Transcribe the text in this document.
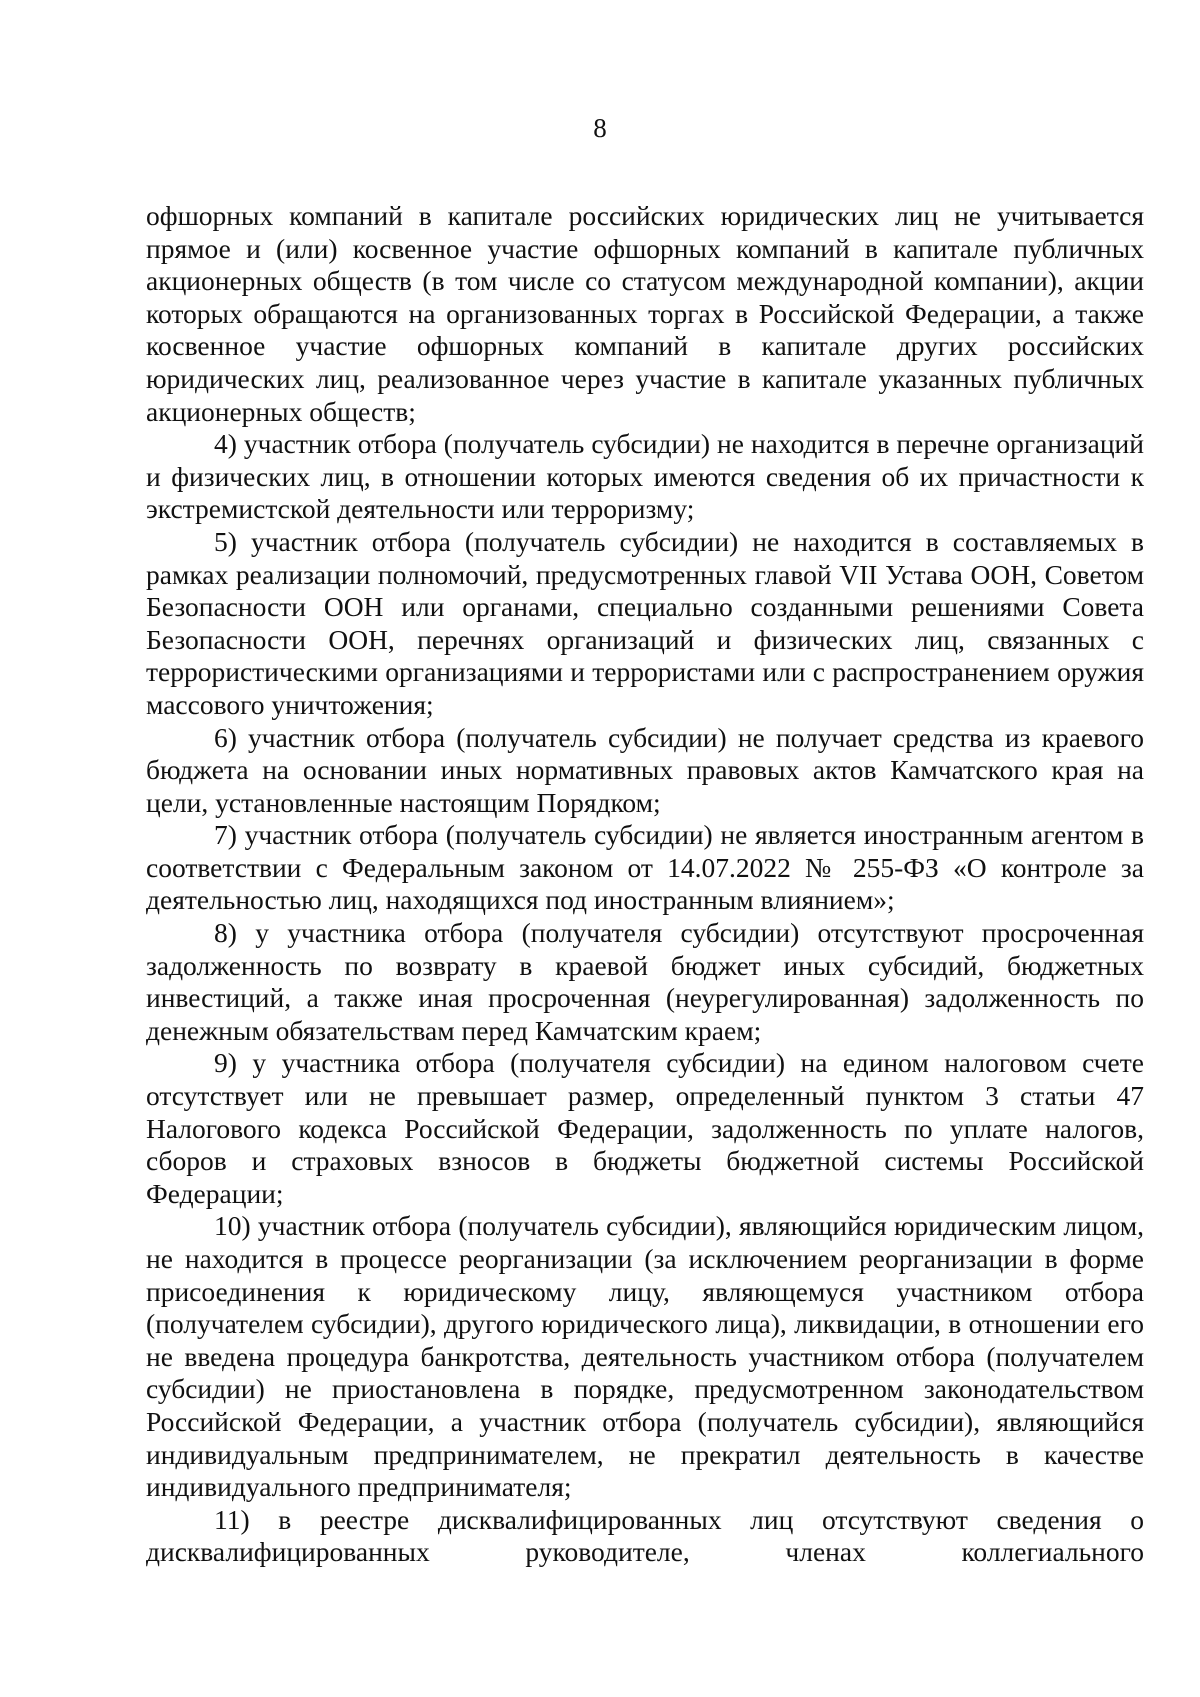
8

офшорных компаний в капитале российских юридических лиц не учитывается прямое и (или) косвенное участие офшорных компаний в капитале публичных акционерных обществ (в том числе со статусом международной компании), акции которых обращаются на организованных торгах в Российской Федерации, а также косвенное участие офшорных компаний в капитале других российских юридических лиц, реализованное через участие в капитале указанных публичных акционерных обществ;

4) участник отбора (получатель субсидии) не находится в перечне организаций и физических лиц, в отношении которых имеются сведения об их причастности к экстремистской деятельности или терроризму;

5) участник отбора (получатель субсидии) не находится в составляемых в рамках реализации полномочий, предусмотренных главой VII Устава ООН, Советом Безопасности ООН или органами, специально созданными решениями Совета Безопасности ООН, перечнях организаций и физических лиц, связанных с террористическими организациями и террористами или с распространением оружия массового уничтожения;

6) участник отбора (получатель субсидии) не получает средства из краевого бюджета на основании иных нормативных правовых актов Камчатского края на цели, установленные настоящим Порядком;

7) участник отбора (получатель субсидии) не является иностранным агентом в соответствии с Федеральным законом от 14.07.2022 № 255-ФЗ «О контроле за деятельностью лиц, находящихся под иностранным влиянием»;

8) у участника отбора (получателя субсидии) отсутствуют просроченная задолженность по возврату в краевой бюджет иных субсидий, бюджетных инвестиций, а также иная просроченная (неурегулированная) задолженность по денежным обязательствам перед Камчатским краем;

9) у участника отбора (получателя субсидии) на едином налоговом счете отсутствует или не превышает размер, определенный пунктом 3 статьи 47 Налогового кодекса Российской Федерации, задолженность по уплате налогов, сборов и страховых взносов в бюджеты бюджетной системы Российской Федерации;

10) участник отбора (получатель субсидии), являющийся юридическим лицом, не находится в процессе реорганизации (за исключением реорганизации в форме присоединения к юридическому лицу, являющемуся участником отбора (получателем субсидии), другого юридического лица), ликвидации, в отношении его не введена процедура банкротства, деятельность участником отбора (получателем субсидии) не приостановлена в порядке, предусмотренном законодательством Российской Федерации, а участник отбора (получатель субсидии), являющийся индивидуальным предпринимателем, не прекратил деятельность в качестве индивидуального предпринимателя;

11) в реестре дисквалифицированных лиц отсутствуют сведения о дисквалифицированных руководителе, членах коллегиального
